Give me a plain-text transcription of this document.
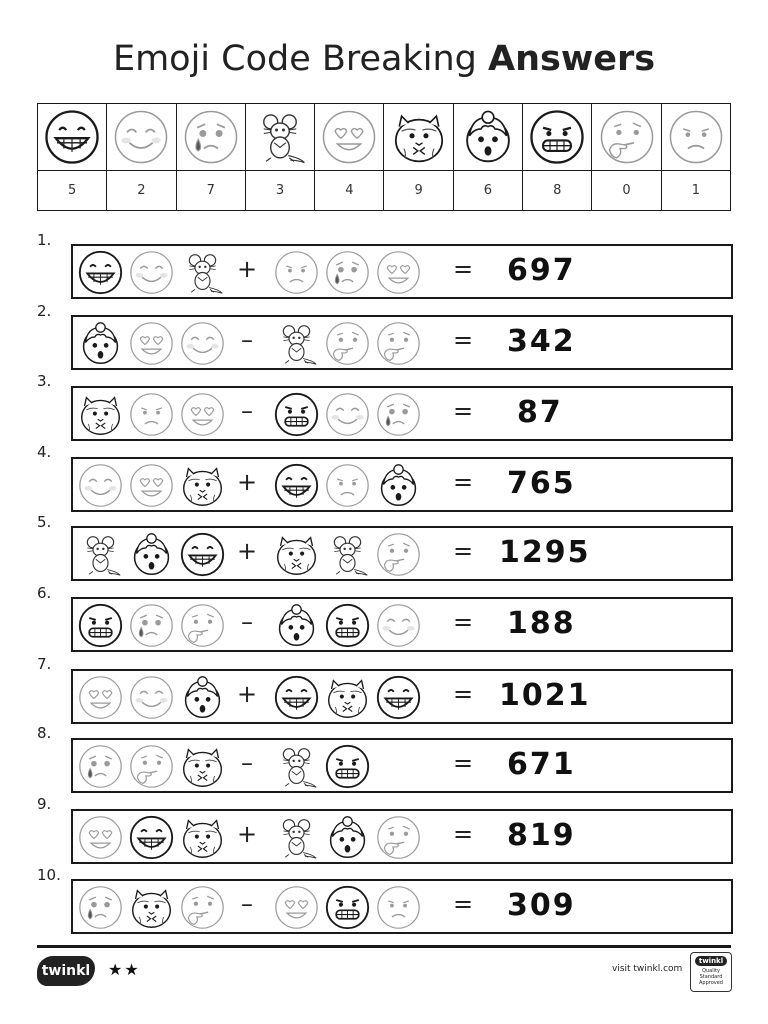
Emoji Code Breaking Answers

5	2	7	3	4	9	6	8	0	1
1.
+	= 697
2.
–	= 342
3.
–	= 87
4.
+	= 765
5.
+	= 1295
6.
–	= 188
7.
+	= 1021
8.
–	= 671
9.
+	= 819
10.
–	= 309
twinkl ★★	visit twinkl.com
twinkl
Quality Standard Approved
